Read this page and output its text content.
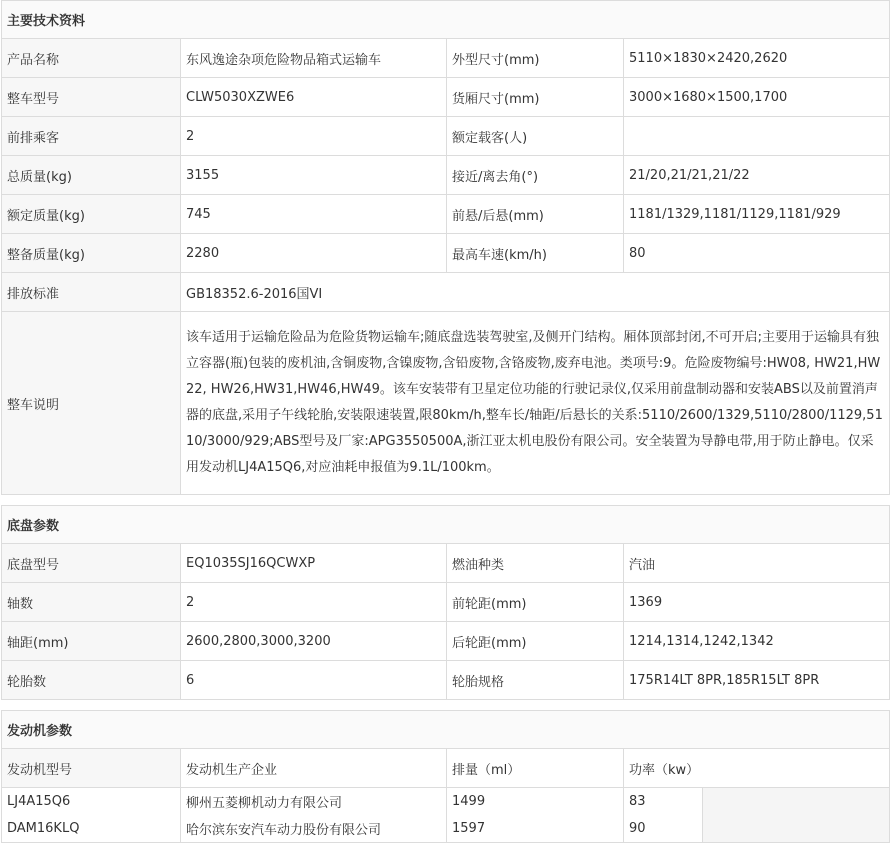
主要技术资料			
产品名称	东风逸途杂项危险物品箱式运输车	外型尺寸(mm)	5110×1830×2420,2620
整车型号	CLW5030XZWE6	货厢尺寸(mm)	3000×1680×1500,1700
前排乘客	2	额定载客(人)	
总质量(kg)	3155	接近/离去角(°)	21/20,21/21,21/22
额定质量(kg)	745	前悬/后悬(mm)	1181/1329,1181/1129,1181/929
整备质量(kg)	2280	最高车速(km/h)	80
排放标准	GB18352.6-2016国VI		
整车说明	该车适用于运输危险品为危险货物运输车;随底盘选装驾驶室,及侧开门结构。厢体顶部封闭,不可开启;主要用于运输具有独立容器(瓶)包装的废机油,含铜废物,含镍废物,含铅废物,含铬废物,废弃电池。类项号:9。危险废物编号:HW08, HW21,HW22, HW26,HW31,HW46,HW49。该车安装带有卫星定位功能的行驶记录仪,仅采用前盘制动器和安装ABS以及前置消声器的底盘,采用子午线轮胎,安装限速装置,限80km/h,整车长/轴距/后悬长的关系:5110/2600/1329,5110/2800/1129,5110/3000/929;ABS型号及厂家:APG3550500A,浙江亚太机电股份有限公司。安全装置为导静电带,用于防止静电。仅采用发动机LJ4A15Q6,对应油耗申报值为9.1L/100km。		
底盘参数			
底盘型号	EQ1035SJ16QCWXP	燃油种类	汽油
轴数	2	前轮距(mm)	1369
轴距(mm)	2600,2800,3000,3200	后轮距(mm)	1214,1314,1242,1342
轮胎数	6	轮胎规格	175R14LT 8PR,185R15LT 8PR
发动机参数				
发动机型号	发动机生产企业	排量（ml）	功率（kw）	
LJ4A15Q6	柳州五菱柳机动力有限公司	1499	83	
DAM16KLQ	哈尔滨东安汽车动力股份有限公司	1597	90	
